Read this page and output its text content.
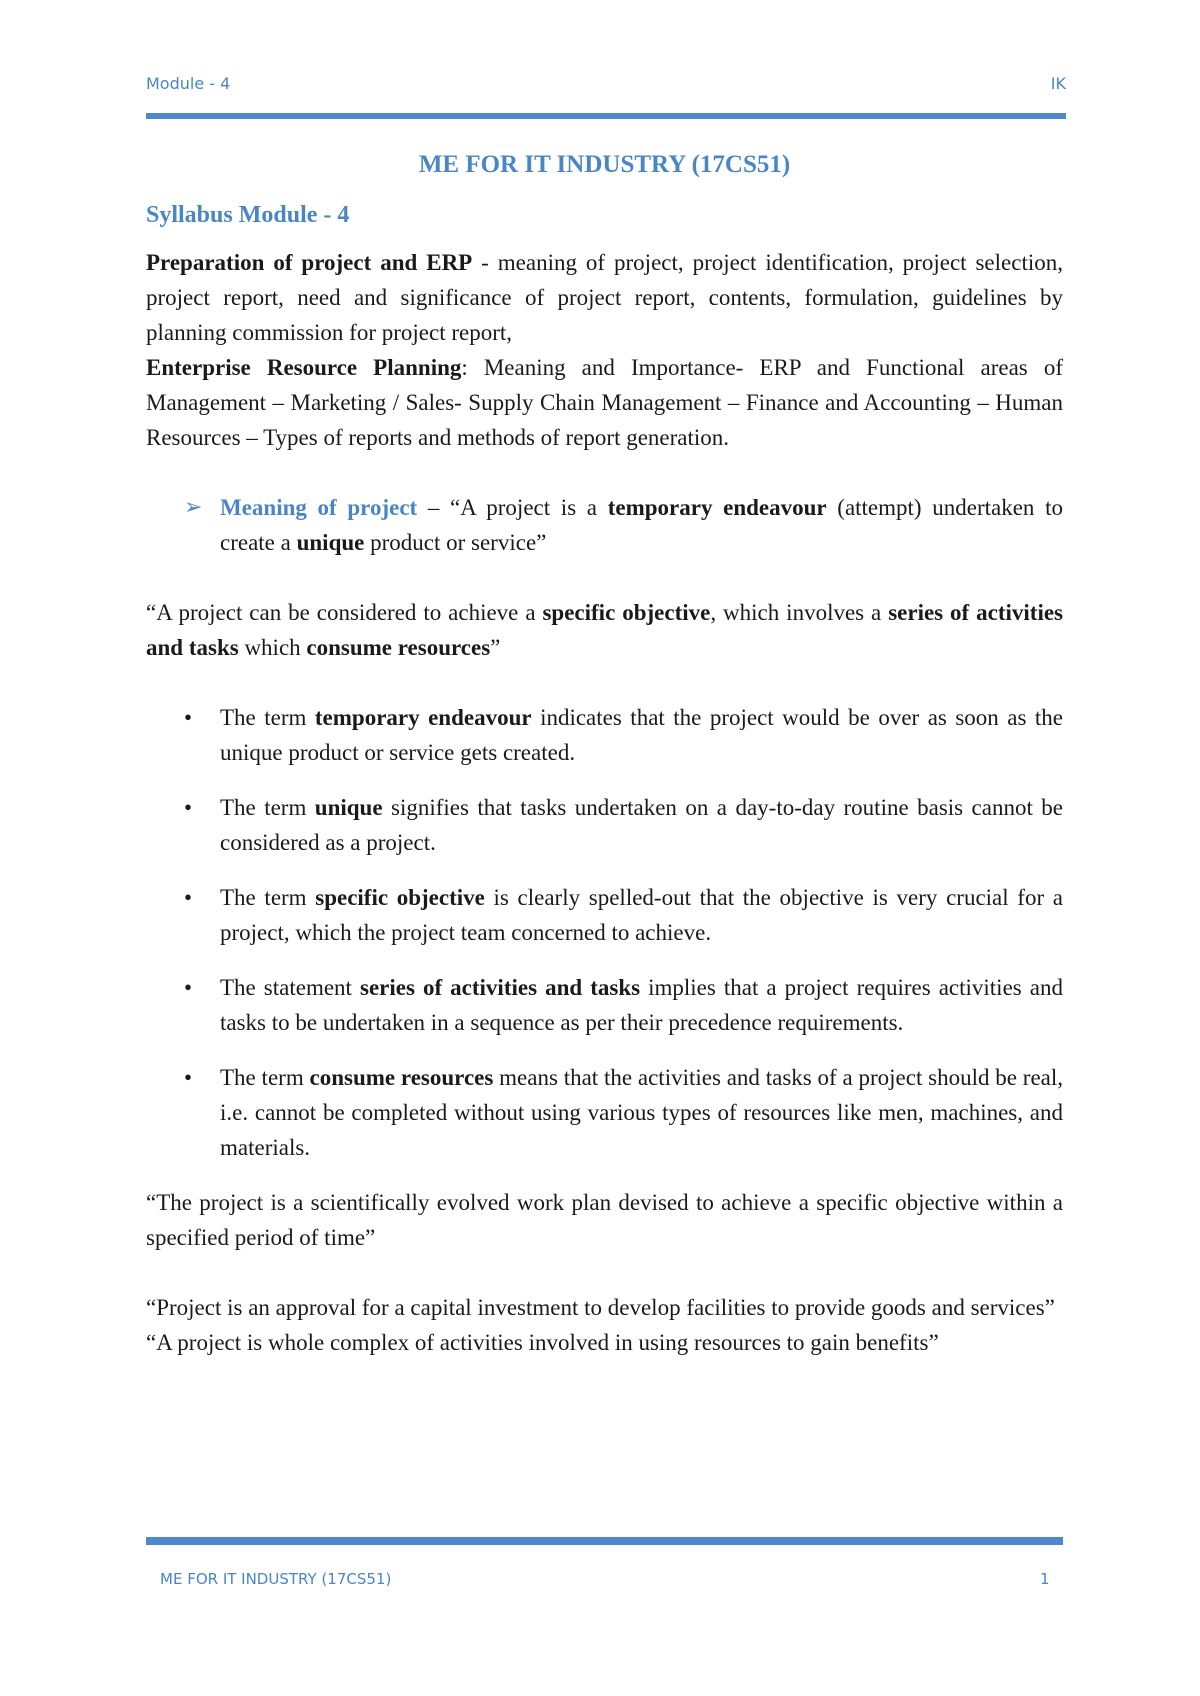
Module - 4	IK

ME FOR IT INDUSTRY (17CS51)

Syllabus Module - 4

Preparation of project and ERP - meaning of project, project identification, project selection, project report, need and significance of project report, contents, formulation, guidelines by planning commission for project report,

Enterprise Resource Planning: Meaning and Importance- ERP and Functional areas of Management – Marketing / Sales- Supply Chain Management – Finance and Accounting – Human Resources – Types of reports and methods of report generation.

➢ Meaning of project – “A project is a temporary endeavour (attempt) undertaken to create a unique product or service”

“A project can be considered to achieve a specific objective, which involves a series of activities and tasks which consume resources”

• The term temporary endeavour indicates that the project would be over as soon as the unique product or service gets created.
• The term unique signifies that tasks undertaken on a day-to-day routine basis cannot be considered as a project.
• The term specific objective is clearly spelled-out that the objective is very crucial for a project, which the project team concerned to achieve.
• The statement series of activities and tasks implies that a project requires activities and tasks to be undertaken in a sequence as per their precedence requirements.
• The term consume resources means that the activities and tasks of a project should be real, i.e. cannot be completed without using various types of resources like men, machines, and materials.

“The project is a scientifically evolved work plan devised to achieve a specific objective within a specified period of time”

“Project is an approval for a capital investment to develop facilities to provide goods and services”

“A project is whole complex of activities involved in using resources to gain benefits”

ME FOR IT INDUSTRY (17CS51)	1
